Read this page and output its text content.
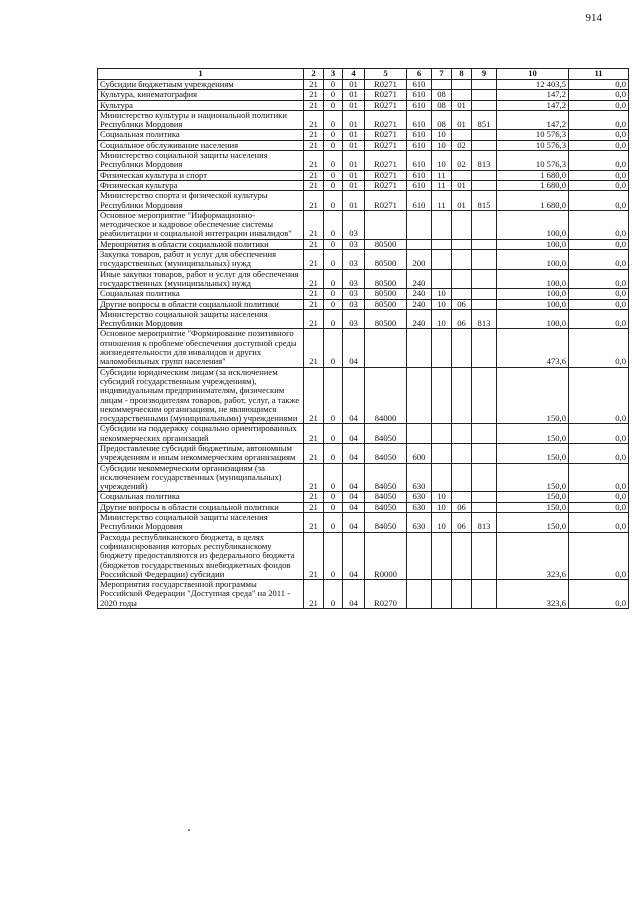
914
1	2	3	4	5	6	7	8	9	10	11
Субсидии бюджетным учреждениям	21	0	01	R0271	610				12 403,5	0,0
Культура, кинематография	21	0	01	R0271	610	08			147,2	0,0
Культура	21	0	01	R0271	610	08	01		147,2	0,0
Министерство культуры и национальной политики Республики Мордовия	21	0	01	R0271	610	08	01	851	147,2	0,0
Социальная политика	21	0	01	R0271	610	10			10 576,3	0,0
Социальное обслуживание населения	21	0	01	R0271	610	10	02		10 576,3	0,0
Министерство социальной защиты населения Республики Мордовия	21	0	01	R0271	610	10	02	813	10 576,3	0,0
Физическая культура и спорт	21	0	01	R0271	610	11			1 680,0	0,0
Физическая культура	21	0	01	R0271	610	11	01		1 680,0	0,0
Министерство спорта и физической культуры Республики Мордовия	21	0	01	R0271	610	11	01	815	1 680,0	0,0
Основное мероприятие "Информационно-методическое и кадровое обеспечение системы реабилитации и социальной интеграции инвалидов"	21	0	03						100,0	0,0
Мероприятия в области социальной политики	21	0	03	80500					100,0	0,0
Закупка товаров, работ и услуг для обеспечения государственных (муниципальных) нужд	21	0	03	80500	200				100,0	0,0
Иные закупки товаров, работ и услуг для обеспечения государственных (муниципальных) нужд	21	0	03	80500	240				100,0	0,0
Социальная политика	21	0	03	80500	240	10			100,0	0,0
Другие вопросы в области социальной политики	21	0	03	80500	240	10	06		100,0	0,0
Министерство социальной защиты населения Республики Мордовия	21	0	03	80500	240	10	06	813	100,0	0,0
Основное мероприятие "Формирование позитивного отношения к проблеме обеспечения доступной среды жизнедеятельности для инвалидов и других маломобильных групп населения"	21	0	04						473,6	0,0
Субсидии юридическим лицам (за исключением субсидий государственным учреждениям), индивидуальным предпринимателям, физическим лицам - производителям товаров, работ, услуг, а также некоммерческим организациям, не являющимся государственными (муниципальными) учреждениями	21	0	04	84000					150,0	0,0
Субсидии на поддержку социально ориентированных некоммерческих организаций	21	0	04	84050					150,0	0,0
Предоставление субсидий бюджетным, автономным учреждениям и иным некоммерческим организациям	21	0	04	84050	600				150,0	0,0
Субсидии некоммерческим организациям (за исключением государственных (муниципальных) учреждений)	21	0	04	84050	630				150,0	0,0
Социальная политика	21	0	04	84050	630	10			150,0	0,0
Другие вопросы в области социальной политики	21	0	04	84050	630	10	06		150,0	0,0
Министерство социальной защиты населения Республики Мордовия	21	0	04	84050	630	10	06	813	150,0	0,0
Расходы республиканского бюджета, в целях софинансирования которых республиканскому бюджету предоставляются из федерального бюджета (бюджетов государственных внебюджетных фондов Российской Федерации) субсидии	21	0	04	R0000					323,6	0,0
Мероприятия государственной программы Российской Федерации "Доступная среда" на 2011 - 2020 годы	21	0	04	R0270					323,6	0,0
